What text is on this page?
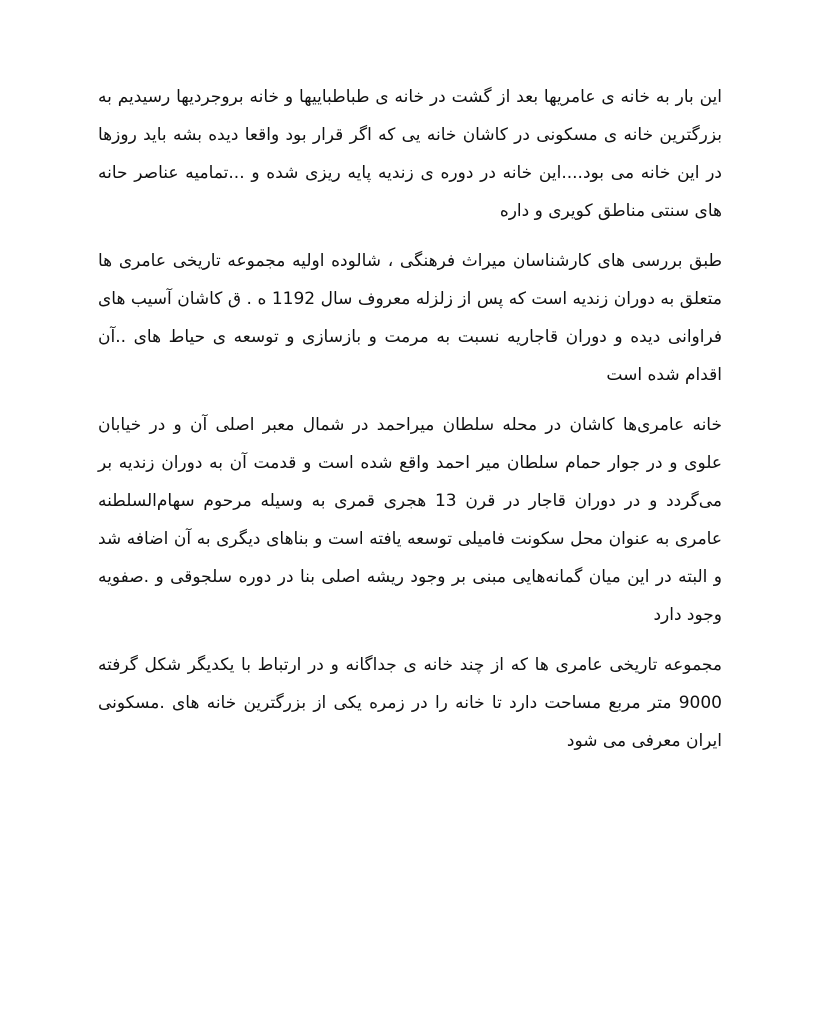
این بار به خانه ی عامریها بعد از گشت در خانه ی طباطباییها و خانه بروجردیها رسیدیم به بزرگترین خانه ی مسکونی در کاشان خانه یی که اگر قرار بود واقعا دیده بشه باید روزها در این خانه می بود....این خانه در دوره ی زندیه پایه ریزی شده و ...تمامیه عناصر حانه های سنتی مناطق کویری و داره

طبق بررسی های کارشناسان میراث فرهنگی ، شالوده اولیه مجموعه تاریخی عامری ها متعلق به دوران زندیه است که پس از زلزله معروف سال 1192 ه . ق کاشان آسیب های فراوانی دیده و دوران قاجاریه نسبت به مرمت و بازسازی و توسعه ی حیاط های ..آن اقدام شده است

خانه عامری‌ها کاشان در محله سلطان میراحمد در شمال معبر اصلی آن و در خیابان علوی و در جوار حمام سلطان میر احمد واقع شده است و قدمت آن به دوران زندیه بر می‌گردد و در دوران قاجار در قرن 13 هجری قمری به وسیله مرحوم سهام‌السلطنه عامری به عنوان محل سکونت فامیلی توسعه یافته است و بناهای دیگری به آن اضافه شد و البته در این میان گمانه‌هایی مبنی بر وجود ریشه اصلی بنا در دوره سلجوقی و .صفویه وجود دارد

مجموعه تاریخی عامری ها که از چند خانه ی جداگانه و در ارتباط با یکدیگر شکل گرفته 9000 متر مربع مساحت دارد تا خانه را در زمره یکی از بزرگترین خانه های .مسکونی ایران معرفی می شود
